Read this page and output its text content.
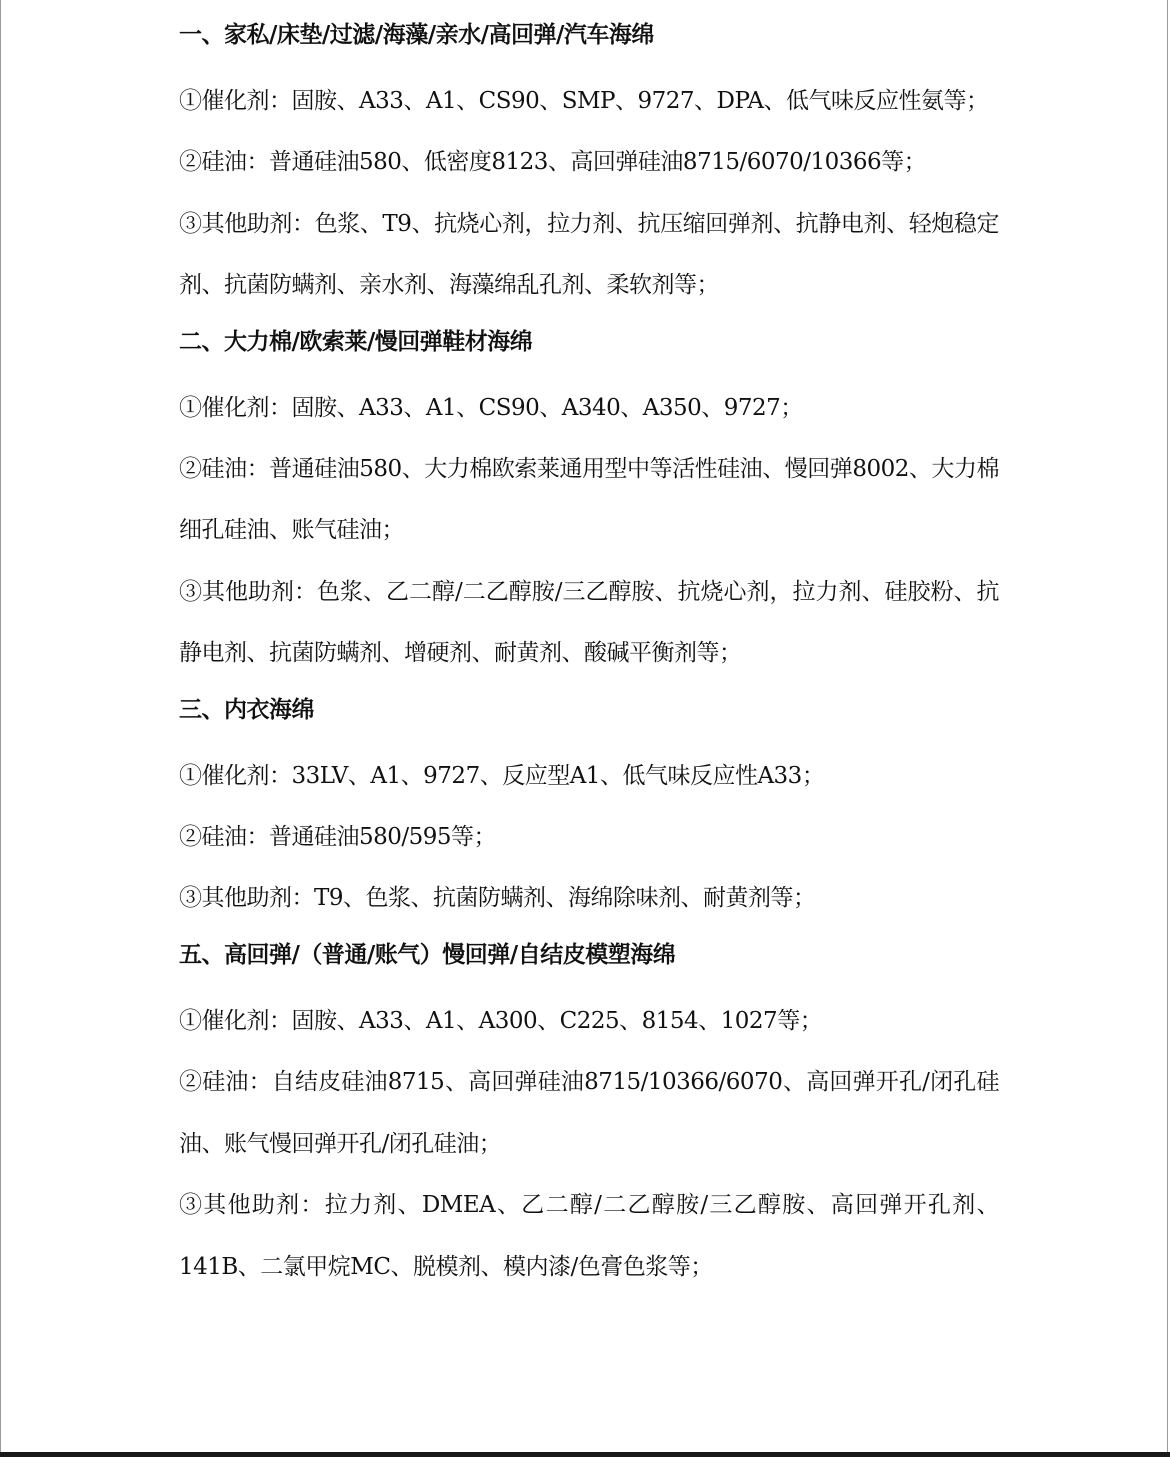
一、家私/床垫/过滤/海藻/亲水/高回弹/汽车海绵
①催化剂：固胺、A33、A1、CS90、SMP、9727、DPA、低气味反应性氨等；
②硅油：普通硅油580、低密度8123、高回弹硅油8715/6070/10366等；
③其他助剂：色浆、T9、抗烧心剂，拉力剂、抗压缩回弹剂、抗静电剂、轻炮稳定剂、抗菌防螨剂、亲水剂、海藻绵乱孔剂、柔软剂等；
二、大力棉/欧索莱/慢回弹鞋材海绵
①催化剂：固胺、A33、A1、CS90、A340、A350、9727；
②硅油：普通硅油580、大力棉欧索莱通用型中等活性硅油、慢回弹8002、大力棉细孔硅油、账气硅油；
③其他助剂：色浆、乙二醇/二乙醇胺/三乙醇胺、抗烧心剂，拉力剂、硅胶粉、抗静电剂、抗菌防螨剂、增硬剂、耐黄剂、酸碱平衡剂等；
三、内衣海绵
①催化剂：33LV、A1、9727、反应型A1、低气味反应性A33；
②硅油：普通硅油580/595等；
③其他助剂：T9、色浆、抗菌防螨剂、海绵除味剂、耐黄剂等；
五、高回弹/（普通/账气）慢回弹/自结皮模塑海绵
①催化剂：固胺、A33、A1、A300、C225、8154、1027等；
②硅油：自结皮硅油8715、高回弹硅油8715/10366/6070、高回弹开孔/闭孔硅油、账气慢回弹开孔/闭孔硅油；
③其他助剂：拉力剂、DMEA、乙二醇/二乙醇胺/三乙醇胺、高回弹开孔剂、141B、二氯甲烷MC、脱模剂、模内漆/色膏色浆等；
